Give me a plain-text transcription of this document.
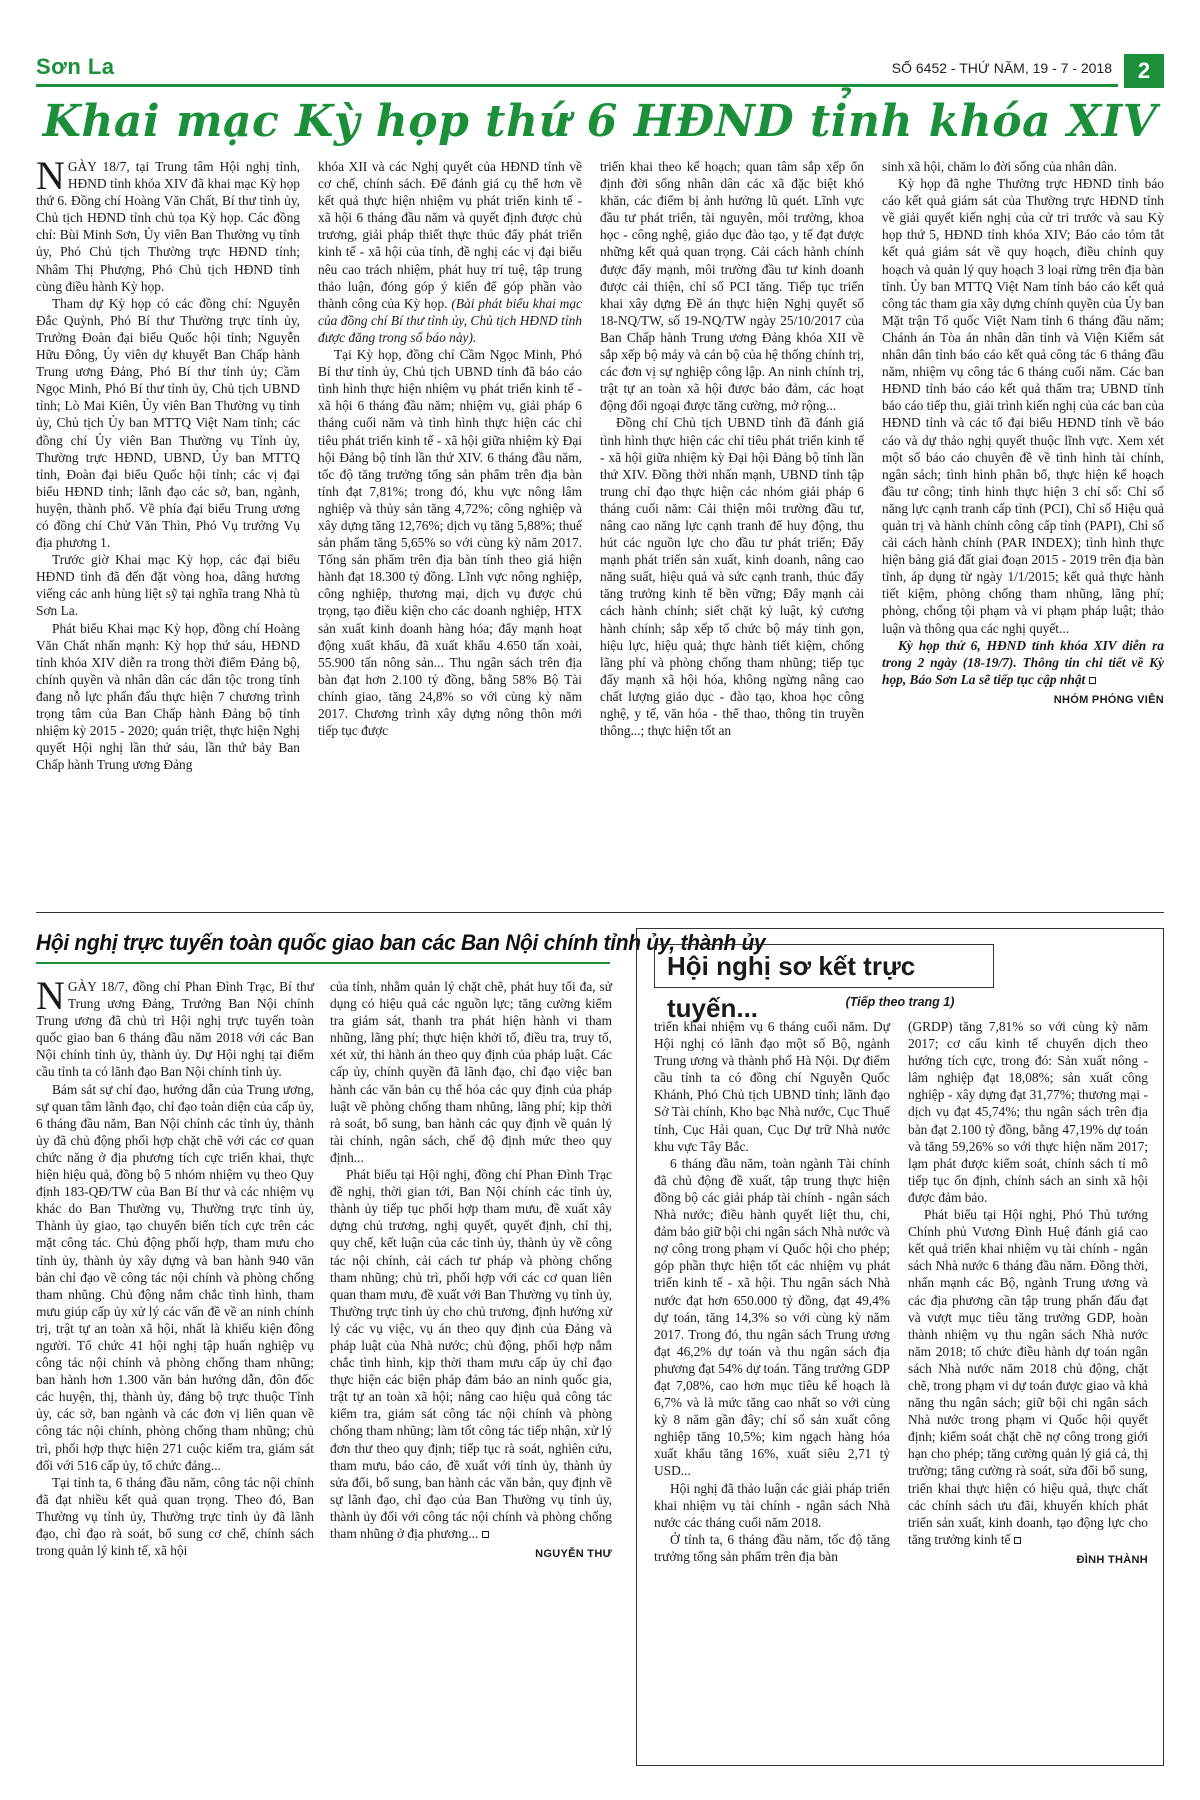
Sơn La	SỐ 6452 - THỨ NĂM, 19 - 7 - 2018	2
Khai mạc Kỳ họp thứ 6 HĐND tỉnh khóa XIV

NGÀY 18/7, tại Trung tâm Hội nghị tỉnh, HĐND tỉnh khóa XIV đã khai mạc Kỳ họp thứ 6. Đồng chí Hoàng Văn Chất, Bí thư tỉnh ủy, Chủ tịch HĐND tỉnh chủ tọa Kỳ họp. Các đồng chí: Bùi Minh Sơn, Ủy viên Ban Thường vụ tỉnh ủy, Phó Chủ tịch Thường trực HĐND tỉnh; Nhâm Thị Phượng, Phó Chủ tịch HĐND tỉnh cùng điều hành Kỳ họp.

Tham dự Kỳ họp có các đồng chí: Nguyễn Đắc Quỳnh, Phó Bí thư Thường trực tỉnh ủy, Trưởng Đoàn đại biểu Quốc hội tỉnh; Nguyễn Hữu Đông, Ủy viên dự khuyết Ban Chấp hành Trung ương Đảng, Phó Bí thư tỉnh ủy; Cầm Ngọc Minh, Phó Bí thư tỉnh ủy, Chủ tịch UBND tỉnh; Lò Mai Kiên, Ủy viên Ban Thường vụ tỉnh ủy, Chủ tịch Ủy ban MTTQ Việt Nam tỉnh; các đồng chí Ủy viên Ban Thường vụ Tỉnh ủy, Thường trực HĐND, UBND, Ủy ban MTTQ tỉnh, Đoàn đại biểu Quốc hội tỉnh; các vị đại biểu HĐND tỉnh; lãnh đạo các sở, ban, ngành, huyện, thành phố. Về phía đại biểu Trung ương có đồng chí Chử Văn Thìn, Phó Vụ trưởng Vụ địa phương 1.

Trước giờ Khai mạc Kỳ họp, các đại biểu HĐND tỉnh đã đến đặt vòng hoa, dâng hương viếng các anh hùng liệt sỹ tại nghĩa trang Nhà tù Sơn La.

Phát biểu Khai mạc Kỳ họp, đồng chí Hoàng Văn Chất nhấn mạnh: Kỳ họp thứ sáu, HĐND tỉnh khóa XIV diễn ra trong thời điểm Đảng bộ, chính quyền và nhân dân các dân tộc trong tỉnh đang nỗ lực phấn đấu thực hiện 7 chương trình trọng tâm của Ban Chấp hành Đảng bộ tỉnh nhiệm kỳ 2015 - 2020; quán triệt, thực hiện Nghị quyết Hội nghị lần thứ sáu, lần thứ bảy Ban Chấp hành Trung ương Đảng

khóa XII và các Nghị quyết của HĐND tỉnh về cơ chế, chính sách. Để đánh giá cụ thể hơn về kết quả thực hiện nhiệm vụ phát triển kinh tế - xã hội 6 tháng đầu năm và quyết định được chủ trương, giải pháp thiết thực thúc đẩy phát triển kinh tế - xã hội của tỉnh, đề nghị các vị đại biểu nêu cao trách nhiệm, phát huy trí tuệ, tập trung thảo luận, đóng góp ý kiến để góp phần vào thành công của Kỳ họp. (Bài phát biểu khai mạc của đồng chí Bí thư tỉnh ủy, Chủ tịch HĐND tỉnh được đăng trong số báo này).

Tại Kỳ họp, đồng chí Cầm Ngọc Minh, Phó Bí thư tỉnh ủy, Chủ tịch UBND tỉnh đã báo cáo tình hình thực hiện nhiệm vụ phát triển kinh tế - xã hội 6 tháng đầu năm; nhiệm vụ, giải pháp 6 tháng cuối năm và tình hình thực hiện các chỉ tiêu phát triển kinh tế - xã hội giữa nhiệm kỳ Đại hội Đảng bộ tỉnh lần thứ XIV. 6 tháng đầu năm, tốc độ tăng trưởng tổng sản phẩm trên địa bàn tỉnh đạt 7,81%; trong đó, khu vực nông lâm nghiệp và thủy sản tăng 4,72%; công nghiệp và xây dựng tăng 12,76%; dịch vụ tăng 5,88%; thuế sản phẩm tăng 5,65% so với cùng kỳ năm 2017. Tổng sản phẩm trên địa bàn tính theo giá hiện hành đạt 18.300 tỷ đồng. Lĩnh vực nông nghiệp, công nghiệp, thương mại, dịch vụ được chú trọng, tạo điều kiện cho các doanh nghiệp, HTX sản xuất kinh doanh hàng hóa; đẩy mạnh hoạt động xuất khẩu, đã xuất khẩu 4.650 tấn xoài, 55.900 tấn nông sản... Thu ngân sách trên địa bàn đạt hơn 2.100 tỷ đồng, bằng 58% Bộ Tài chính giao, tăng 24,8% so với cùng kỳ năm 2017. Chương trình xây dựng nông thôn mới tiếp tục được

triển khai theo kế hoạch; quan tâm sắp xếp ổn định đời sống nhân dân các xã đặc biệt khó khăn, các điểm bị ảnh hưởng lũ quét. Lĩnh vực đầu tư phát triển, tài nguyên, môi trường, khoa học - công nghệ, giáo dục đào tạo, y tế đạt được những kết quả quan trọng. Cải cách hành chính được đẩy mạnh, môi trường đầu tư kinh doanh được cải thiện, chỉ số PCI tăng. Tiếp tục triển khai xây dựng Đề án thực hiện Nghị quyết số 18-NQ/TW, số 19-NQ/TW ngày 25/10/2017 của Ban Chấp hành Trung ương Đảng khóa XII về sắp xếp bộ máy và cán bộ của hệ thống chính trị, các đơn vị sự nghiệp công lập. An ninh chính trị, trật tự an toàn xã hội được bảo đảm, các hoạt động đối ngoại được tăng cường, mở rộng...

Đồng chí Chủ tịch UBND tỉnh đã đánh giá tình hình thực hiện các chỉ tiêu phát triển kinh tế - xã hội giữa nhiệm kỳ Đại hội Đảng bộ tỉnh lần thứ XIV. Đồng thời nhấn mạnh, UBND tỉnh tập trung chỉ đạo thực hiện các nhóm giải pháp 6 tháng cuối năm: Cải thiện môi trường đầu tư, nâng cao năng lực cạnh tranh để huy động, thu hút các nguồn lực cho đầu tư phát triển; Đẩy mạnh phát triển sản xuất, kinh doanh, nâng cao năng suất, hiệu quả và sức cạnh tranh, thúc đẩy tăng trưởng kinh tế bền vững; Đẩy mạnh cải cách hành chính; siết chặt kỷ luật, kỷ cương hành chính; sắp xếp tổ chức bộ máy tinh gọn, hiệu lực, hiệu quả; thực hành tiết kiệm, chống lãng phí và phòng chống tham nhũng; tiếp tục đẩy mạnh xã hội hóa, không ngừng nâng cao chất lượng giáo dục - đào tạo, khoa học công nghệ, y tế, văn hóa - thể thao, thông tin truyền thông...; thực hiện tốt an

sinh xã hội, chăm lo đời sống của nhân dân.

Kỳ họp đã nghe Thường trực HĐND tỉnh báo cáo kết quả giám sát của Thường trực HĐND tỉnh về giải quyết kiến nghị của cử tri trước và sau Kỳ họp thứ 5, HĐND tỉnh khóa XIV; Báo cáo tóm tắt kết quả giám sát về quy hoạch, điều chỉnh quy hoạch và quản lý quy hoạch 3 loại rừng trên địa bàn tỉnh. Ủy ban MTTQ Việt Nam tỉnh báo cáo kết quả công tác tham gia xây dựng chính quyền của Ủy ban Mặt trận Tổ quốc Việt Nam tỉnh 6 tháng đầu năm; Chánh án Tòa án nhân dân tỉnh và Viện Kiểm sát nhân dân tỉnh báo cáo kết quả công tác 6 tháng đầu năm, nhiệm vụ công tác 6 tháng cuối năm. Các ban HĐND tỉnh báo cáo kết quả thẩm tra; UBND tỉnh báo cáo tiếp thu, giải trình kiến nghị của các ban của HĐND tỉnh và các tổ đại biểu HĐND tỉnh về báo cáo và dự thảo nghị quyết thuộc lĩnh vực. Xem xét một số báo cáo chuyên đề về tình hình tài chính, ngân sách; tình hình phân bổ, thực hiện kế hoạch đầu tư công; tình hình thực hiện 3 chỉ số: Chỉ số năng lực cạnh tranh cấp tỉnh (PCI), Chỉ số Hiệu quả quản trị và hành chính công cấp tỉnh (PAPI), Chỉ số cải cách hành chính (PAR INDEX); tình hình thực hiện bảng giá đất giai đoạn 2015 - 2019 trên địa bàn tỉnh, áp dụng từ ngày 1/1/2015; kết quả thực hành tiết kiệm, phòng chống tham nhũng, lãng phí; phòng, chống tội phạm và vi phạm pháp luật; thảo luận và thông qua các nghị quyết...

Kỳ họp thứ 6, HĐND tỉnh khóa XIV diễn ra trong 2 ngày (18-19/7). Thông tin chi tiết về Kỳ họp, Báo Sơn La sẽ tiếp tục cập nhật

NHÓM PHÓNG VIÊN
Hội nghị trực tuyến toàn quốc giao ban các Ban Nội chính tỉnh ủy, thành ủy

NGÀY 18/7, đồng chí Phan Đình Trạc, Bí thư Trung ương Đảng, Trưởng Ban Nội chính Trung ương đã chủ trì Hội nghị trực tuyến toàn quốc giao ban 6 tháng đầu năm 2018 với các Ban Nội chính tỉnh ủy, thành ủy. Dự Hội nghị tại điểm cầu tỉnh ta có lãnh đạo Ban Nội chính tỉnh ủy.

Bám sát sự chỉ đạo, hướng dẫn của Trung ương, sự quan tâm lãnh đạo, chỉ đạo toàn diện của cấp ủy, 6 tháng đầu năm, Ban Nội chính các tỉnh ủy, thành ủy đã chủ động phối hợp chặt chẽ với các cơ quan chức năng ở địa phương tích cực triển khai, thực hiện hiệu quả, đồng bộ 5 nhóm nhiệm vụ theo Quy định 183-QĐ/TW của Ban Bí thư và các nhiệm vụ khác do Ban Thường vụ, Thường trực tỉnh ủy, Thành ủy giao, tạo chuyển biến tích cực trên các mặt công tác. Chủ động phối hợp, tham mưu cho tỉnh ủy, thành ủy xây dựng và ban hành 940 văn bản chỉ đạo về công tác nội chính và phòng chống tham nhũng. Chủ động nắm chắc tình hình, tham mưu giúp cấp ủy xử lý các vấn đề về an ninh chính trị, trật tự an toàn xã hội, nhất là khiếu kiện đông người. Tổ chức 41 hội nghị tập huấn nghiệp vụ công tác nội chính và phòng chống tham nhũng; ban hành hơn 1.300 văn bản hướng dẫn, đôn đốc các huyện, thị, thành ủy, đảng bộ trực thuộc Tỉnh ủy, các sở, ban ngành và các đơn vị liên quan về công tác nội chính, phòng chống tham nhũng; chủ trì, phối hợp thực hiện 271 cuộc kiểm tra, giám sát đối với 516 cấp ủy, tổ chức đảng...

Tại tỉnh ta, 6 tháng đầu năm, công tác nội chính đã đạt nhiều kết quả quan trọng. Theo đó, Ban Thường vụ tỉnh ủy, Thường trực tỉnh ủy đã lãnh đạo, chỉ đạo rà soát, bổ sung cơ chế, chính sách trong quản lý kinh tế, xã hội

của tỉnh, nhằm quản lý chặt chẽ, phát huy tối đa, sử dụng có hiệu quả các nguồn lực; tăng cường kiểm tra giám sát, thanh tra phát hiện hành vi tham nhũng, lãng phí; thực hiện khởi tố, điều tra, truy tố, xét xử, thi hành án theo quy định của pháp luật. Các cấp ủy, chính quyền đã lãnh đạo, chỉ đạo việc ban hành các văn bản cụ thể hóa các quy định của pháp luật về phòng chống tham nhũng, lãng phí; kịp thời rà soát, bổ sung, ban hành các quy định về quản lý tài chính, ngân sách, chế độ định mức theo quy định...

Phát biểu tại Hội nghị, đồng chí Phan Đình Trạc đề nghị, thời gian tới, Ban Nội chính các tỉnh ủy, thành ủy tiếp tục phối hợp tham mưu, đề xuất xây dựng chủ trương, nghị quyết, quyết định, chỉ thị, quy chế, kết luận của các tỉnh ủy, thành ủy về công tác nội chính, cải cách tư pháp và phòng chống tham nhũng; chủ trì, phối hợp với các cơ quan liên quan tham mưu, đề xuất với Ban Thường vụ tỉnh ủy, Thường trực tỉnh ủy cho chủ trương, định hướng xử lý các vụ việc, vụ án theo quy định của Đảng và pháp luật của Nhà nước; chủ động, phối hợp nắm chắc tình hình, kịp thời tham mưu cấp ủy chỉ đạo thực hiện các biện pháp đảm bảo an ninh quốc gia, trật tự an toàn xã hội; nâng cao hiệu quả công tác kiểm tra, giám sát công tác nội chính và phòng chống tham nhũng; làm tốt công tác tiếp nhận, xử lý đơn thư theo quy định; tiếp tục rà soát, nghiên cứu, tham mưu, báo cáo, đề xuất với tỉnh ủy, thành ủy sửa đổi, bổ sung, ban hành các văn bản, quy định về sự lãnh đạo, chỉ đạo của Ban Thường vụ tỉnh ủy, thành ủy đối với công tác nội chính và phòng chống tham nhũng ở địa phương...

NGUYỄN THƯ
Hội nghị sơ kết trực tuyến...	(Tiếp theo trang 1)

triển khai nhiệm vụ 6 tháng cuối năm. Dự Hội nghị có lãnh đạo một số Bộ, ngành Trung ương và thành phố Hà Nội. Dự điểm cầu tỉnh ta có đồng chí Nguyễn Quốc Khánh, Phó Chủ tịch UBND tỉnh; lãnh đạo Sở Tài chính, Kho bạc Nhà nước, Cục Thuế tỉnh, Cục Hải quan, Cục Dự trữ Nhà nước khu vực Tây Bắc.

6 tháng đầu năm, toàn ngành Tài chính đã chủ động đề xuất, tập trung thực hiện đồng bộ các giải pháp tài chính - ngân sách Nhà nước; điều hành quyết liệt thu, chi, đảm bảo giữ bội chi ngân sách Nhà nước và nợ công trong phạm vi Quốc hội cho phép; góp phần thực hiện tốt các nhiệm vụ phát triển kinh tế - xã hội. Thu ngân sách Nhà nước đạt hơn 650.000 tỷ đồng, đạt 49,4% dự toán, tăng 14,3% so với cùng kỳ năm 2017. Trong đó, thu ngân sách Trung ương đạt 46,2% dự toán và thu ngân sách địa phương đạt 54% dự toán. Tăng trưởng GDP đạt 7,08%, cao hơn mục tiêu kế hoạch là 6,7% và là mức tăng cao nhất so với cùng kỳ 8 năm gần đây; chỉ số sản xuất công nghiệp tăng 10,5%; kim ngạch hàng hóa xuất khẩu tăng 16%, xuất siêu 2,71 tỷ USD...

Hội nghị đã thảo luận các giải pháp triển khai nhiệm vụ tài chính - ngân sách Nhà nước các tháng cuối năm 2018.

Ở tỉnh ta, 6 tháng đầu năm, tốc độ tăng trưởng tổng sản phẩm trên địa bàn

(GRDP) tăng 7,81% so với cùng kỳ năm 2017; cơ cấu kinh tế chuyển dịch theo hướng tích cực, trong đó: Sản xuất nông - lâm nghiệp đạt 18,08%; sản xuất công nghiệp - xây dựng đạt 31,77%; thương mại - dịch vụ đạt 45,74%; thu ngân sách trên địa bàn đạt 2.100 tỷ đồng, bằng 47,19% dự toán và tăng 59,26% so với thực hiện năm 2017; lạm phát được kiểm soát, chính sách tỉ mô tiếp tục ổn định, chính sách an sinh xã hội được đảm bảo.

Phát biểu tại Hội nghị, Phó Thủ tướng Chính phủ Vương Đình Huệ đánh giá cao kết quả triển khai nhiệm vụ tài chính - ngân sách Nhà nước 6 tháng đầu năm. Đồng thời, nhấn mạnh các Bộ, ngành Trung ương và các địa phương cần tập trung phấn đấu đạt và vượt mục tiêu tăng trưởng GDP, hoàn thành nhiệm vụ thu ngân sách Nhà nước năm 2018; tổ chức điều hành dự toán ngân sách Nhà nước năm 2018 chủ động, chặt chẽ, trong phạm vi dự toán được giao và khả năng thu ngân sách; giữ bội chi ngân sách Nhà nước trong phạm vi Quốc hội quyết định; kiểm soát chặt chẽ nợ công trong giới hạn cho phép; tăng cường quản lý giá cả, thị trường; tăng cường rà soát, sửa đổi bổ sung, triển khai thực hiện có hiệu quả, thực chất các chính sách ưu đãi, khuyến khích phát triển sản xuất, kinh doanh, tạo động lực cho tăng trưởng kinh tế

ĐÌNH THÀNH
